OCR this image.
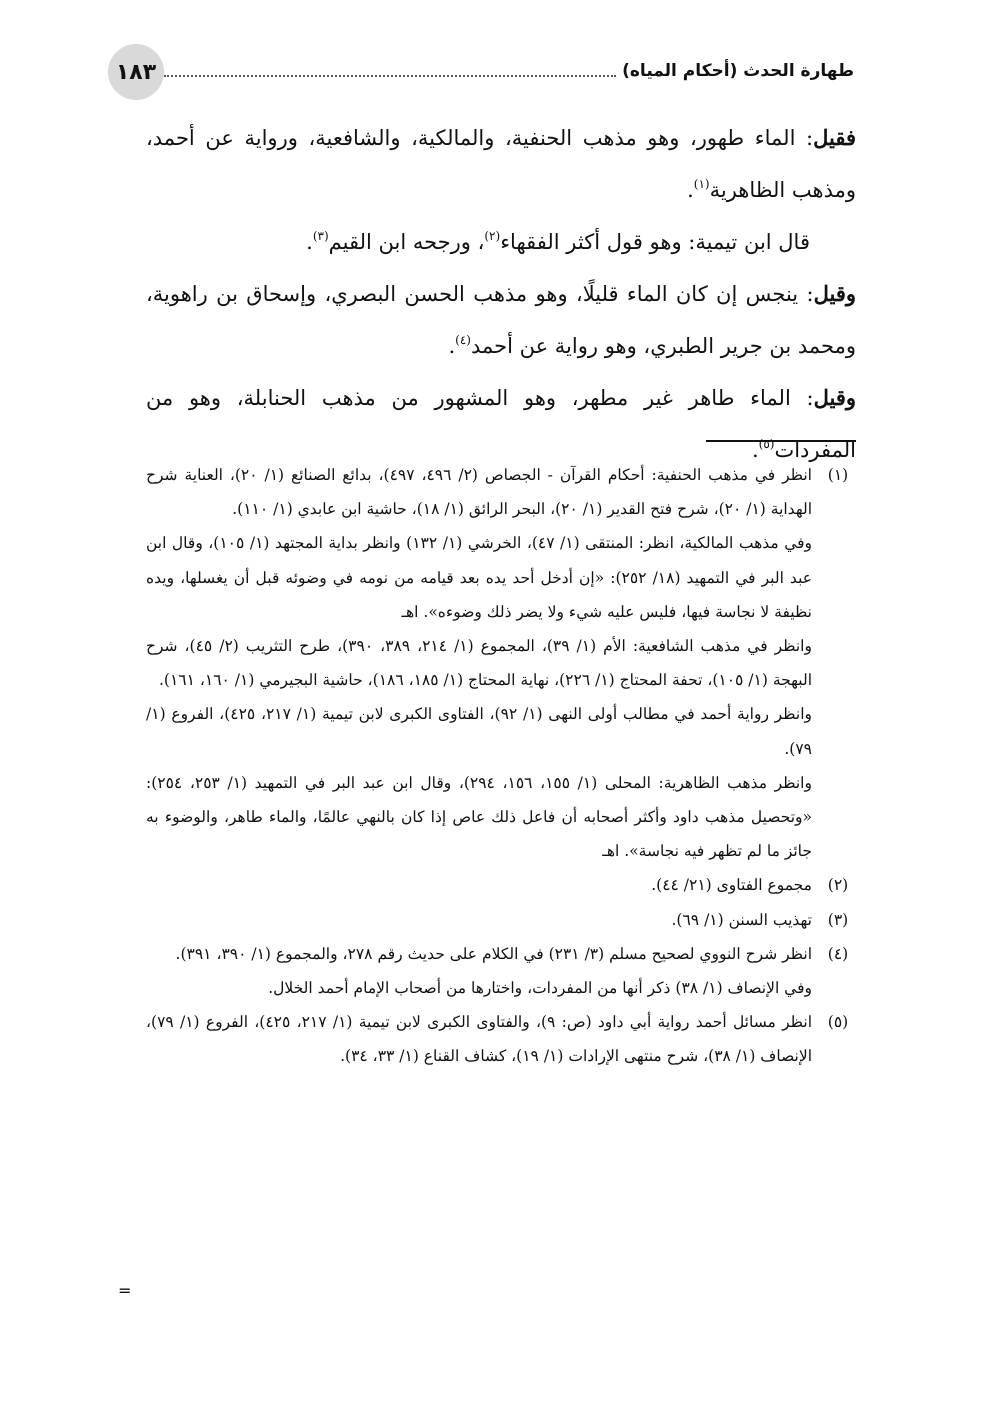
١٨٣	طهارة الحدث (أحكام المياه)

فقيل: الماء طهور، وهو مذهب الحنفية، والمالكية، والشافعية، ورواية عن أحمد، ومذهب الظاهرية$^{(١)}$.

قال ابن تيمية: وهو قول أكثر الفقهاء$^{(٢)}$، ورجحه ابن القيم$^{(٣)}$.

وقيل: ينجس إن كان الماء قليلًا، وهو مذهب الحسن البصري، وإسحاق بن راهوية، ومحمد بن جرير الطبري، وهو رواية عن أحمد$^{(٤)}$.

وقيل: الماء طاهر غير مطهر، وهو المشهور من مذهب الحنابلة، وهو من المفردات$^{(٥)}$.

(١)

انظر في مذهب الحنفية: أحكام القرآن - الجصاص (٢/ ٤٩٦، ٤٩٧)، بدائع الصنائع (١/ ٢٠)، العناية شرح الهداية (١/ ٢٠)، شرح فتح القدير (١/ ٢٠)، البحر الرائق (١/ ١٨)، حاشية ابن عابدي (١/ ١١٠).

وفي مذهب المالكية، انظر: المنتقى (١/ ٤٧)، الخرشي (١/ ١٣٢) وانظر بداية المجتهد (١/ ١٠٥)، وقال ابن عبد البر في التمهيد (١٨/ ٢٥٢): «إن أدخل أحد يده بعد قيامه من نومه في وضوئه قبل أن يغسلها، ويده نظيفة لا نجاسة فيها، فليس عليه شيء ولا يضر ذلك وضوءه». اهـ

وانظر في مذهب الشافعية: الأم (١/ ٣٩)، المجموع (١/ ٢١٤، ٣٨٩، ٣٩٠)، طرح التثريب (٢/ ٤٥)، شرح البهجة (١/ ١٠٥)، تحفة المحتاج (١/ ٢٢٦)، نهاية المحتاج (١/ ١٨٥، ١٨٦)، حاشية البجيرمي (١/ ١٦٠، ١٦١).

وانظر رواية أحمد في مطالب أولى النهى (١/ ٩٢)، الفتاوى الكبرى لابن تيمية (١/ ٢١٧، ٤٢٥)، الفروع (١/ ٧٩).

وانظر مذهب الظاهرية: المحلى (١/ ١٥٥، ١٥٦، ٢٩٤)، وقال ابن عبد البر في التمهيد (١/ ٢٥٣، ٢٥٤): «وتحصيل مذهب داود وأكثر أصحابه أن فاعل ذلك عاص إذا كان بالنهي عالمًا، والماء طاهر، والوضوء به جائز ما لم تظهر فيه نجاسة». اهـ

(٢)

مجموع الفتاوى (٢١/ ٤٤).

(٣)

تهذيب السنن (١/ ٦٩).

(٤)

انظر شرح النووي لصحيح مسلم (٣/ ٢٣١) في الكلام على حديث رقم ٢٧٨، والمجموع (١/ ٣٩٠، ٣٩١).

وفي الإنصاف (١/ ٣٨) ذكر أنها من المفردات، واختارها من أصحاب الإمام أحمد الخلال.

(٥)

انظر مسائل أحمد رواية أبي داود (ص: ٩)، والفتاوى الكبرى لابن تيمية (١/ ٢١٧، ٤٢٥)، الفروع (١/ ٧٩)، الإنصاف (١/ ٣٨)، شرح منتهى الإرادات (١/ ١٩)، كشاف القناع (١/ ٣٣، ٣٤).

=
